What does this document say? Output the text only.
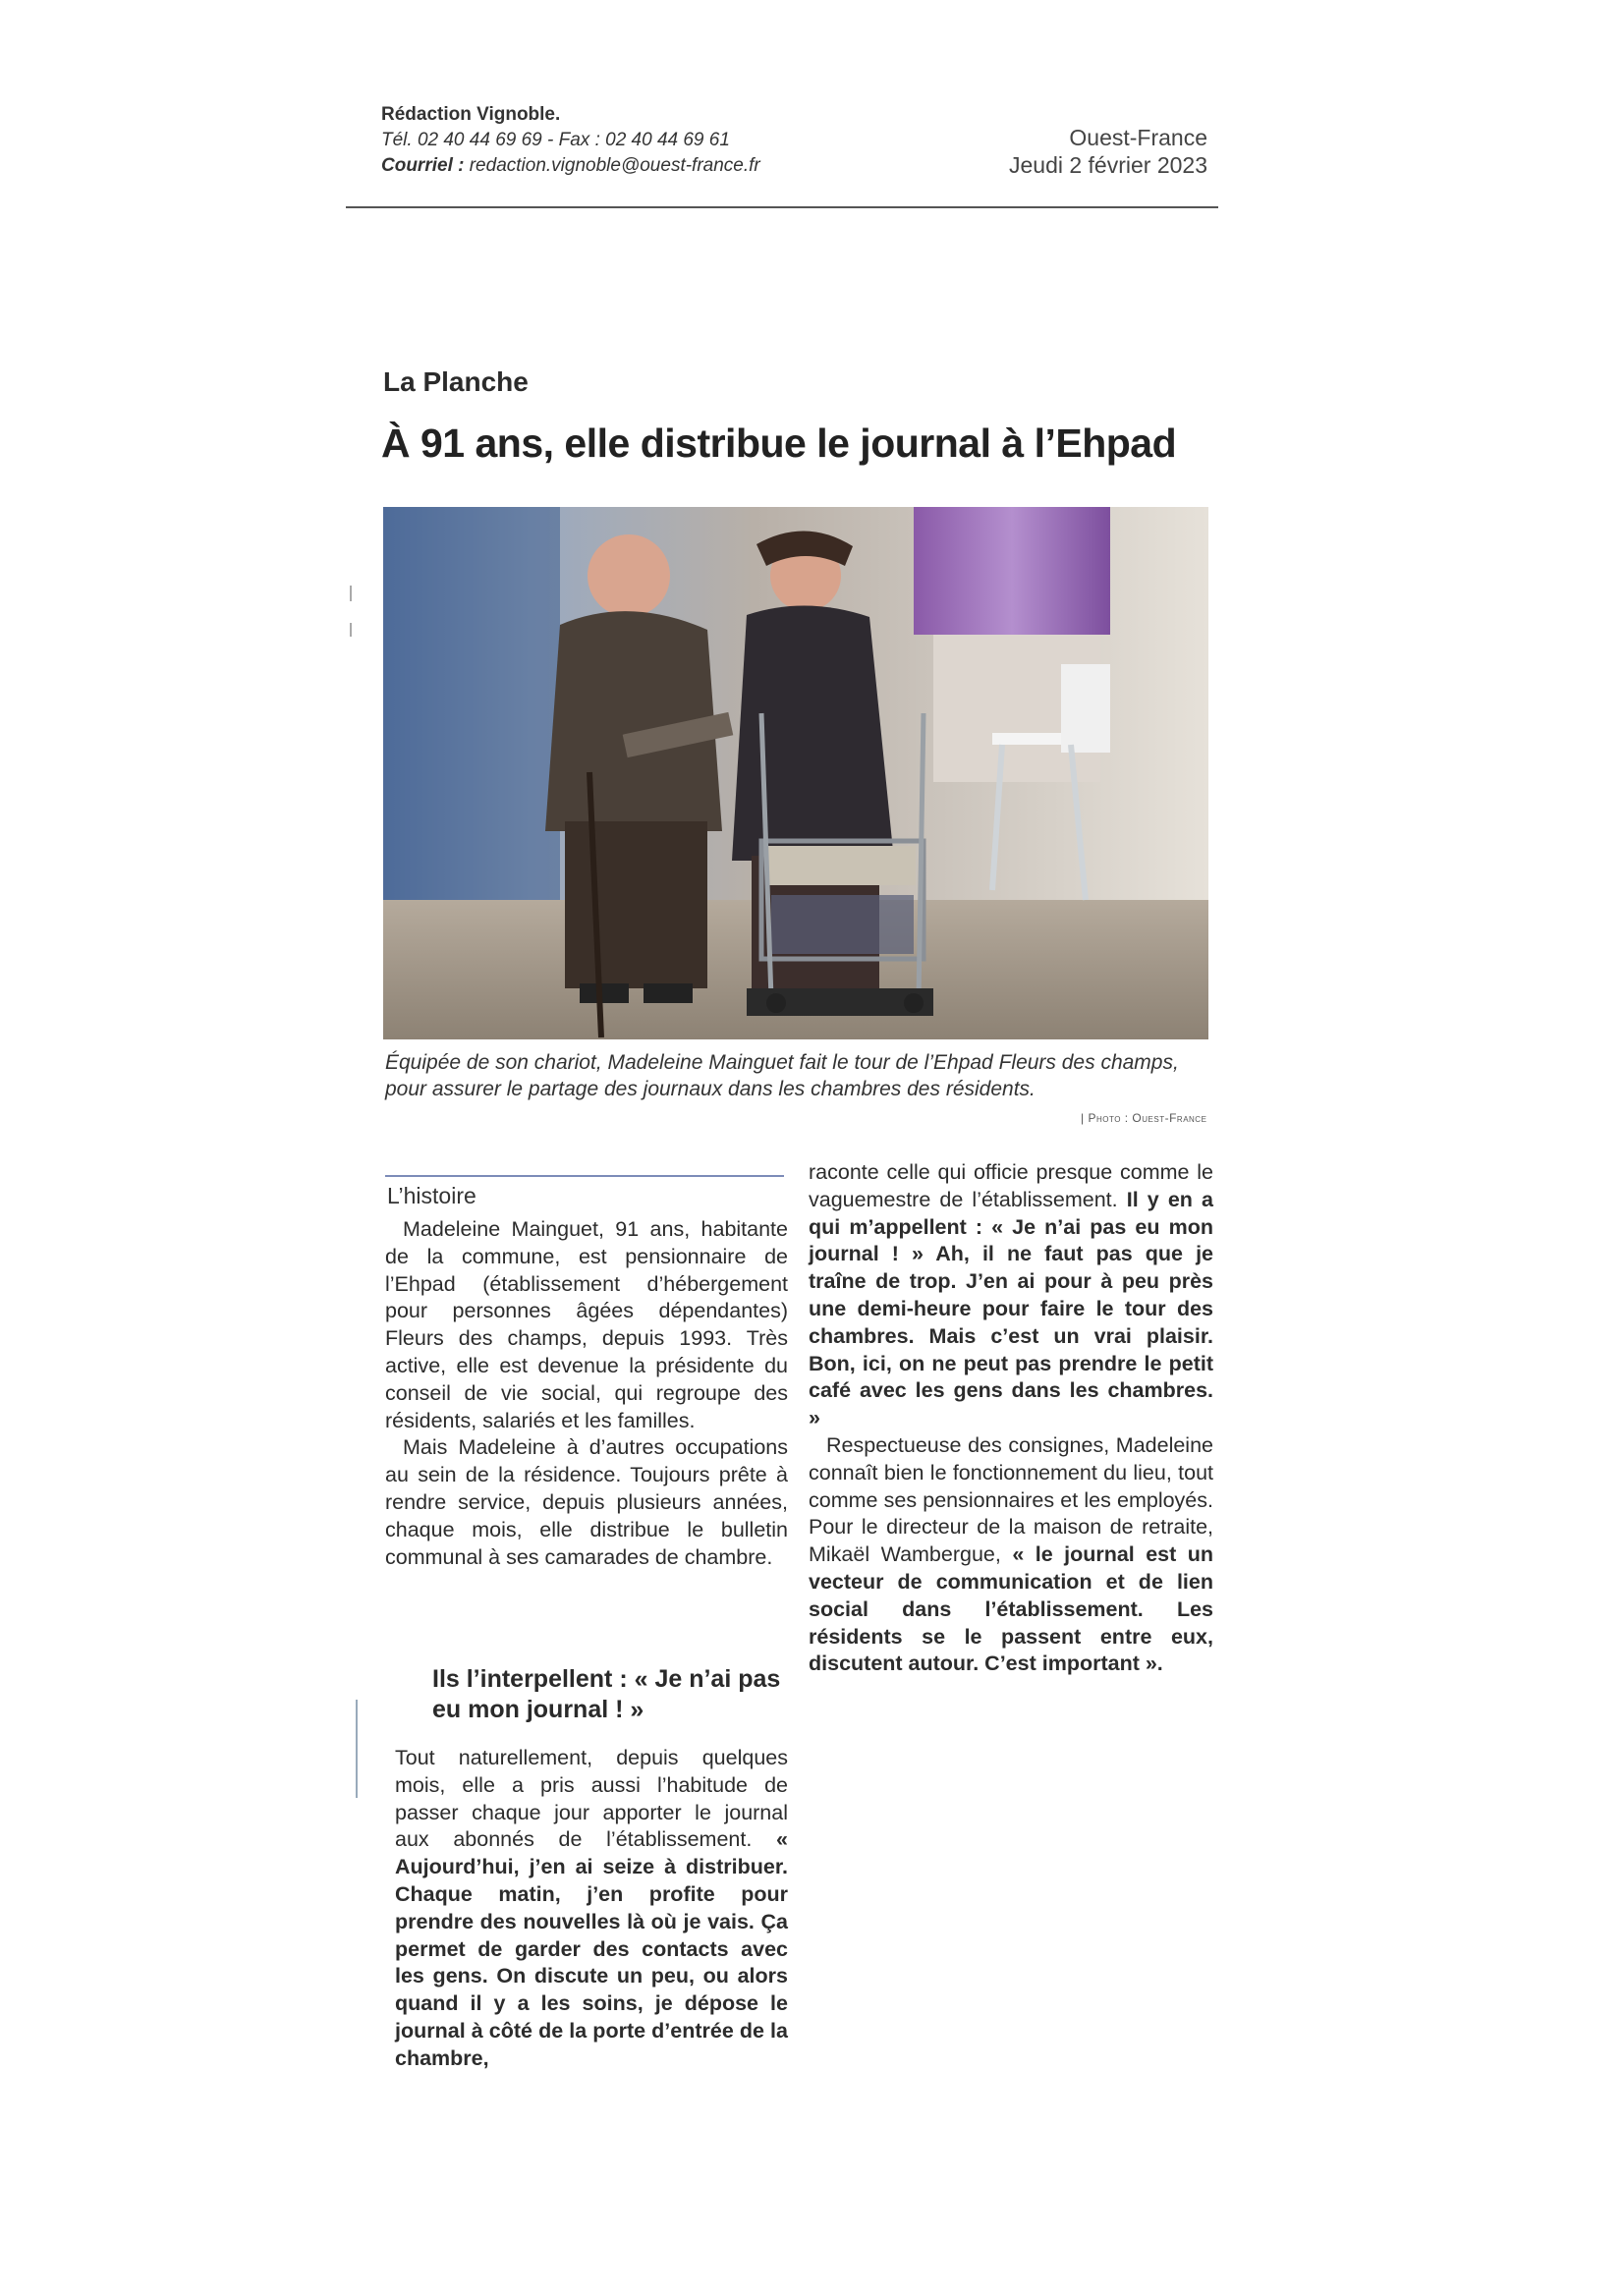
Rédaction Vignoble.
Tél. 02 40 44 69 69 - Fax : 02 40 44 69 61
Courriel : redaction.vignoble@ouest-france.fr
Ouest-France
Jeudi 2 février 2023
La Planche
À 91 ans, elle distribue le journal à l’Ehpad
Équipée de son chariot, Madeleine Mainguet fait le tour de l’Ehpad Fleurs des champs, pour assurer le partage des journaux dans les chambres des résidents.
| Photo : Ouest-France
L’histoire

Madeleine Mainguet, 91 ans, habitante de la commune, est pensionnaire de l’Ehpad (établissement d’hébergement pour personnes âgées dépendantes) Fleurs des champs, depuis 1993. Très active, elle est devenue la présidente du conseil de vie social, qui regroupe des résidents, salariés et les familles.

Mais Madeleine à d’autres occupations au sein de la résidence. Toujours prête à rendre service, depuis plusieurs années, chaque mois, elle distribue le bulletin communal à ses camarades de chambre.

Ils l’interpellent : « Je n’ai pas eu mon journal ! »

Tout naturellement, depuis quelques mois, elle a pris aussi l’habitude de passer chaque jour apporter le journal aux abonnés de l’établissement. « Aujourd’hui, j’en ai seize à distribuer. Chaque matin, j’en profite pour prendre des nouvelles là où je vais. Ça permet de garder des contacts avec les gens. On discute un peu, ou alors quand il y a les soins, je dépose le journal à côté de la porte d’entrée de la chambre,

raconte celle qui officie presque comme le vaguemestre de l’établissement. Il y en a qui m’appellent : « Je n’ai pas eu mon journal ! » Ah, il ne faut pas que je traîne de trop. J’en ai pour à peu près une demi-heure pour faire le tour des chambres. Mais c’est un vrai plaisir. Bon, ici, on ne peut pas prendre le petit café avec les gens dans les chambres. »

Respectueuse des consignes, Madeleine connaît bien le fonctionnement du lieu, tout comme ses pensionnaires et les employés. Pour le directeur de la maison de retraite, Mikaël Wambergue, « le journal est un vecteur de communication et de lien social dans l’établissement. Les résidents se le passent entre eux, discutent autour. C’est important ».
